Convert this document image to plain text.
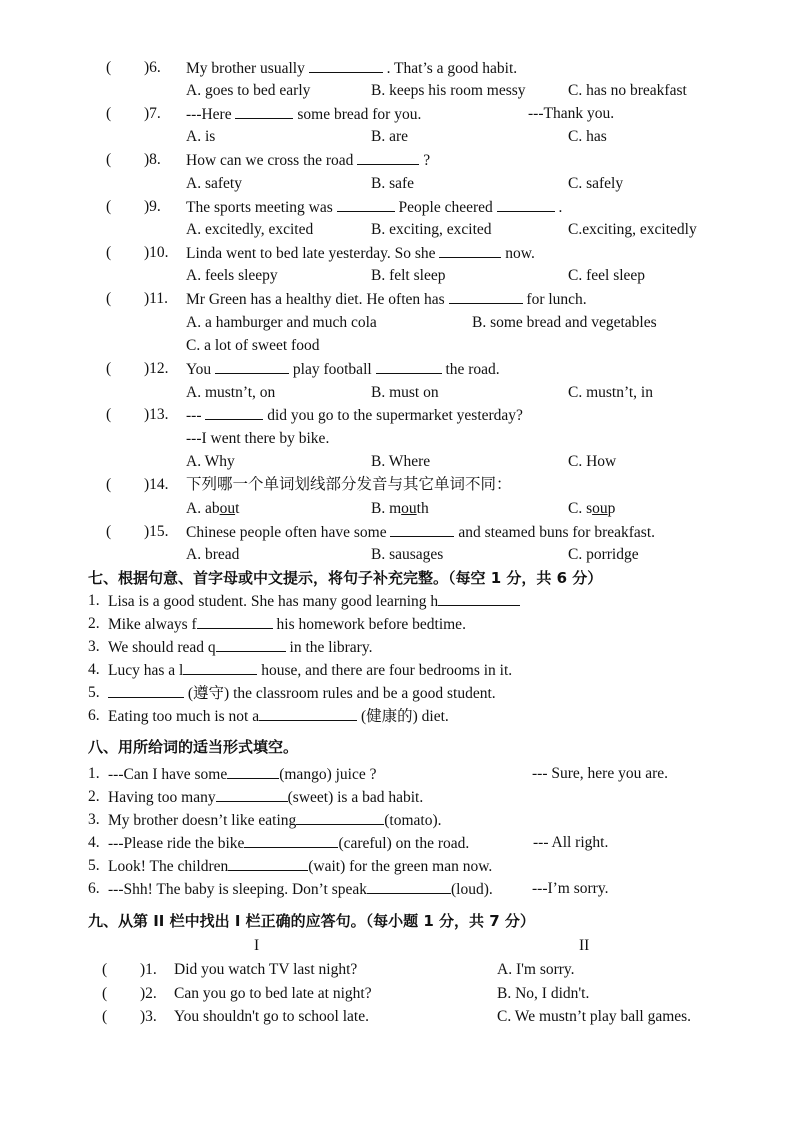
( )6. My brother usually	. That’s a good habit.
A. goes to bed early	B. keeps his room messy	C. has no breakfast
( )7. ---Here	some bread for you.	---Thank you.
A. is	B. are	C. has
( )8. How can we cross the road	?
A. safety	B. safe	C. safely
( )9. The sports meeting was	People cheered	.
A. excitedly, excited	B. exciting, excited	C.exciting, excitedly
( )10. Linda went to bed late yesterday. So she	now.
A. feels sleepy	B. felt sleep	C. feel sleep
( )11. Mr Green has a healthy diet. He often has	for lunch.
A. a hamburger and much cola	B. some bread and vegetables
C. a lot of sweet food
( )12. You	play football	the road.
A. mustn’t, on	B. must on	C. mustn’t, in
( )13. ---	did you go to the supermarket yesterday?
---I went there by bike.
A. Why	B. Where	C. How
( )14. 下列哪一个单词划线部分发音与其它单词不同：
A. about	B. mouth	C. soup
( )15. Chinese people often have some	and steamed buns for breakfast.
A. bread	B. sausages	C. porridge
七、根据句意、首字母或中文提示，将句子补充完整。（每空 1 分，共 6 分）
1. Lisa is a good student. She has many good learning h
2. Mike always f	his homework before bedtime.
3. We should read q	in the library.
4. Lucy has a l	house, and there are four bedrooms in it.
5.	(遵守) the classroom rules and be a good student.
6. Eating too much is not a	(健康的) diet.
八、用所给词的适当形式填空。
1. ---Can I have some	(mango) juice ?	--- Sure, here you are.
2. Having too many	(sweet) is a bad habit.
3. My brother doesn’t like eating	(tomato).
4. ---Please ride the bike	(careful) on the road.	--- All right.
5. Look! The children	(wait) for the green man now.
6. ---Shh! The baby is sleeping. Don’t speak	(loud).	---I’m sorry.
九、从第 II 栏中找出 I 栏正确的应答句。（每小题 1 分，共 7 分）
I	II
( )1. Did you watch TV last night?	A. I'm sorry.
( )2. Can you go to bed late at night?	B. No, I didn't.
( )3. You shouldn't go to school late.	C. We mustn’t play ball games.
